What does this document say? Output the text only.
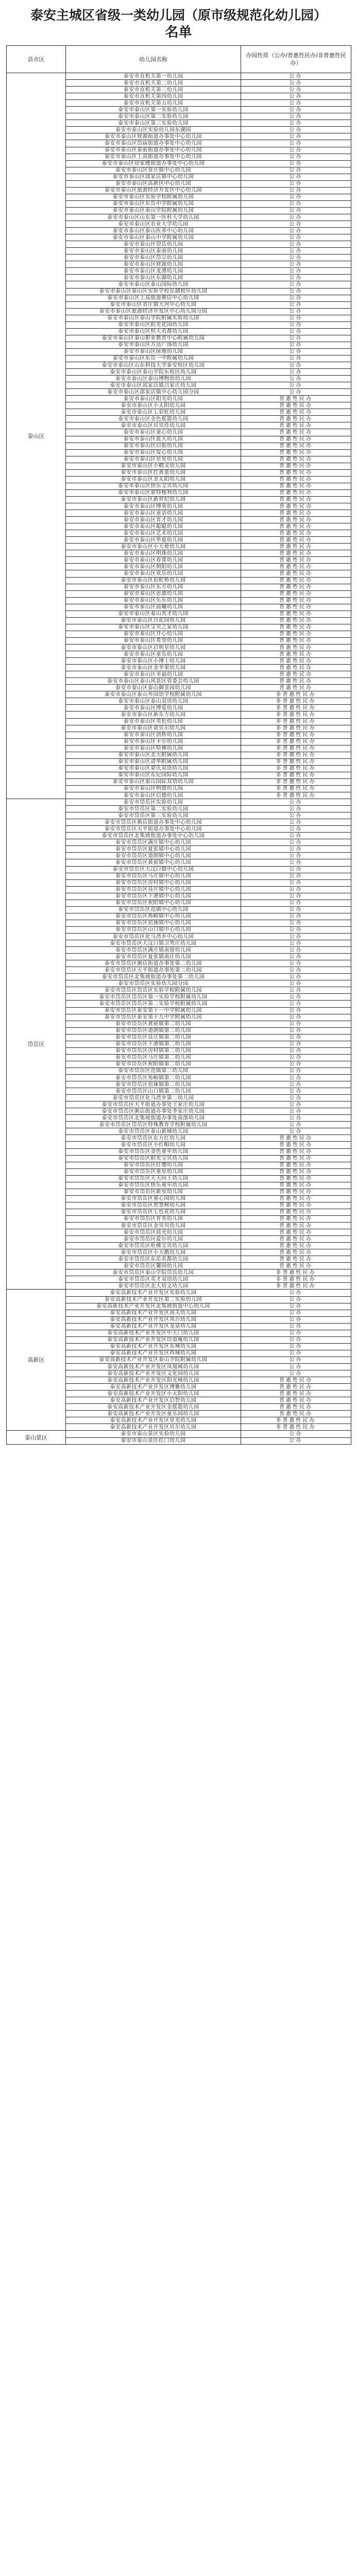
泰安主城区省级一类幼儿园（原市级规范化幼儿园）
名单
县市区	幼儿园名称	办园性质（公办/普惠性民办/非普惠性民办）
泰山区	泰安市直机关第一幼儿园	公办
	泰安市直机关第二幼儿园	公办
	泰安市直机关第三幼儿园	公办
	泰安市直机关第四幼儿园	公办
	泰安市直机关第五幼儿园	公办
	泰安市泰山区第一实验幼儿园	公办
	泰安市泰山区第二实验幼儿园	公办
	泰安市泰山区第三实验幼儿园	公办
	泰安市泰山区实验幼儿园东湖园	公办
	泰安市泰山区财源街道办事处中心幼儿园	公办
	泰安市泰山区岱庙街道办事处中心幼儿园	公办
	泰安市泰山区泰前街道办事处中心幼儿园	公办
	泰安市泰山区上高街道办事处中心幼儿园	公办
	泰安市泰山区徐家楼街道办事处中心幼儿园	公办
	泰安市泰山区省庄镇中心幼儿园	公办
	泰安市泰山区邱家店镇中心幼儿园	公办
	泰安市泰山区高新区中心幼儿园	公办
	泰安市泰山区旅游经济开发区中心幼儿园	公办
	泰安市泰山区实验学校附属幼儿园	公办
	泰安市泰山区东岳中学附属幼儿园	公办
	泰安市泰山区泰山学院附属幼儿园	公办
	泰安市泰山区山东第一医科大学幼儿园	公办
	泰安市泰山区农业大学幼儿园	公办
	泰安市泰山区泰山医养中心幼儿园	公办
	泰安市泰山区泰山中学附属幼儿园	公办
	泰安市泰山区望岳幼儿园	公办
	泰安市泰山区泰前幼儿园	公办
	泰安市泰山区岱宗幼儿园	公办
	泰安市泰山区财源幼儿园	公办
	泰安市泰山区龙潭幼儿园	公办
	泰安市泰山区东湖幼儿园	公办
	泰安市泰山区泰山国际幼儿园	公办
	泰安市泰山区泰山区实验学校东湖校区幼儿园	公办
	泰安市泰山区上高街道粥店中心幼儿园	公办
	泰安市泰山区省庄镇大河中心幼儿园	公办
	泰安市泰山区旅游经济开发区中心幼儿园分园	公办
	泰安市泰山区泰山学院附属实验幼儿园	公办
	泰安市泰山区阳光花园幼儿园	公办
	泰安市泰山区恒大名都幼儿园	公办
	泰安市泰山区泰山职业教育中心附属幼儿园	公办
	泰安市泰山区万达广场幼儿园	公办
	泰安市泰山区绿地幼儿园	公办
	泰安市泰山区东岳一中附属幼儿园	公办
	泰安市泰山区山东科技大学泰安校区幼儿园	公办
	泰安市泰山区泰山学院东校区幼儿园	公办
	泰安市泰山区泰山博物馆幼儿园	公办
	泰安市泰山区邱家店镇吕家庄幼儿园	公办
	泰安市泰山区邱家店镇中心幼儿园分园	公办
	泰安市泰山区阳光幼儿园	普惠性民办
	泰安市泰山区小太阳幼儿园	普惠性民办
	泰安市泰山区七彩虹幼儿园	普惠性民办
	泰安市泰山区金色摇篮幼儿园	普惠性民办
	泰安市泰山区贝贝佳幼儿园	普惠性民办
	泰安市泰山区童心幼儿园	普惠性民办
	泰安市泰山区蓝天幼儿园	普惠性民办
	泰安市泰山区启航幼儿园	普惠性民办
	泰安市泰山区爱心幼儿园	普惠性民办
	泰安市泰山区星星幼儿园	普惠性民办
	泰安市泰山区小精灵幼儿园	普惠性民办
	泰安市泰山区红黄蓝幼儿园	普惠性民办
	泰安市泰山区金太阳幼儿园	普惠性民办
	泰安市泰山区快乐宝贝幼儿园	普惠性民办
	泰安市泰山区蒙特梭利幼儿园	普惠性民办
	泰安市泰山区新世纪幼儿园	普惠性民办
	泰安市泰山区博苑幼儿园	普惠性民办
	泰安市泰山区童话幼儿园	普惠性民办
	泰安市泰山区育才幼儿园	普惠性民办
	泰安市泰山区聪聪幼儿园	普惠性民办
	泰安市泰山区艺术幼儿园	普惠性民办
	泰安市泰山区华夏幼儿园	普惠性民办
	泰安市泰山区小天使幼儿园	普惠性民办
	泰安市泰山区明珠幼儿园	普惠性民办
	泰安市泰山区春蕾幼儿园	普惠性民办
	泰安市泰山区朝阳幼儿园	普惠性民办
	泰安市泰山区欢乐幼儿园	普惠性民办
	泰安市泰山区彩虹桥幼儿园	普惠性民办
	泰安市泰山区东方幼儿园	普惠性民办
	泰安市泰山区思源幼儿园	普惠性民办
	泰安市泰山区乐乐幼儿园	普惠性民办
	泰安市泰山区晨曦幼儿园	普惠性民办
	泰安市泰山区泰山英才幼儿园	普惠性民办
	泰安市泰山区百花园幼儿园	普惠性民办
	泰安市泰山区宝贝之家幼儿园	普惠性民办
	泰安市泰山区开心幼儿园	普惠性民办
	泰安市泰山区希望幼儿园	普惠性民办
	泰安市泰山区启明星幼儿园	普惠性民办
	泰安市泰山区童乐幼儿园	普惠性民办
	泰安市泰山区小博士幼儿园	普惠性民办
	泰安市泰山区金苹果幼儿园	普惠性民办
	泰安市泰山区幸福幼儿园	普惠性民办
	泰安市泰山区泰山风景区管委会幼儿园	普惠性民办
	泰安市泰山区泰山御景园幼儿园	普惠性民办
	泰安市泰山区泰山外国语学校附属幼儿园	非普惠性民办
	泰安市泰山区泰山双语幼儿园	非普惠性民办
	泰安市泰山区博爱幼儿园	非普惠性民办
	泰安市泰山区新东方幼儿园	非普惠性民办
	泰安市泰山区英伦幼儿园	非普惠性民办
	泰安市泰山区诺贝尔幼儿园	非普惠性民办
	泰安市泰山区剑桥幼儿园	非普惠性民办
	泰安市泰山区卡尔幼儿园	非普惠性民办
	泰安市泰山区哈佛幼儿园	非普惠性民办
	泰安市泰山区北大附属幼儿园	非普惠性民办
	泰安市泰山区清华附属幼儿园	非普惠性民办
	泰安市泰山区蒙氏双语幼儿园	非普惠性民办
	泰安市泰山区东尼国际幼儿园	非普惠性民办
	泰安市泰山区泰山国际双语幼儿园	非普惠性民办
	泰安市泰山区明德幼儿园	非普惠性民办
	泰安市泰山区启德幼儿园	非普惠性民办
岱岳区	泰安市岱岳区实验幼儿园	公办
	泰安市岱岳区第二实验幼儿园	公办
	泰安市岱岳区第三实验幼儿园	公办
	泰安市岱岳区粥店街道办事处中心幼儿园	公办
	泰安市岱岳区天平街道办事处中心幼儿园	公办
	泰安市岱岳区北集坡街道办事处中心幼儿园	公办
	泰安市岱岳区满庄镇中心幼儿园	公办
	泰安市岱岳区夏张镇中心幼儿园	公办
	泰安市岱岳区道朗镇中心幼儿园	公办
	泰安市岱岳区黄前镇中心幼儿园	公办
	泰安市岱岳区大汶口镇中心幼儿园	公办
	泰安市岱岳区马庄镇中心幼儿园	公办
	泰安市岱岳区房村镇中心幼儿园	公办
	泰安市岱岳区良庄镇中心幼儿园	公办
	泰安市岱岳区下港镇中心幼儿园	公办
	泰安市岱岳区祝阳镇中心幼儿园	公办
	泰安市岱岳区范镇中心幼儿园	公办
	泰安市岱岳区角峪镇中心幼儿园	公办
	泰安市岱岳区徂徕镇中心幼儿园	公办
	泰安市岱岳区山口镇中心幼儿园	公办
	泰安市岱岳区化马湾乡中心幼儿园	公办
	泰安市岱岳区大汶口镇卫驾庄幼儿园	公办
	泰安市岱岳区满庄镇南留幼儿园	公办
	泰安市岱岳区夏张镇南庄幼儿园	公办
	泰安市岱岳区粥店街道办事处第二幼儿园	公办
	泰安市岱岳区天平街道办事处第二幼儿园	公办
	泰安市岱岳区北集坡街道办事处第二幼儿园	公办
	泰安市岱岳区实验幼儿园分园	公办
	泰安市岱岳区岱岳区实验学校附属幼儿园	公办
	泰安市岱岳区岱岳区第一实验学校附属幼儿园	公办
	泰安市岱岳区岱岳区第二实验学校附属幼儿园	公办
	泰安市岱岳区泰安第十一中学附属幼儿园	公办
	泰安市岱岳区泰安第十九中学附属幼儿园	公办
	泰安市岱岳区黄前镇第二幼儿园	公办
	泰安市岱岳区道朗镇第二幼儿园	公办
	泰安市岱岳区良庄镇第二幼儿园	公办
	泰安市岱岳区下港镇第二幼儿园	公办
	泰安市岱岳区房村镇第二幼儿园	公办
	泰安市岱岳区马庄镇第二幼儿园	公办
	泰安市岱岳区祝阳镇第二幼儿园	公办
	泰安市岱岳区范镇第二幼儿园	公办
	泰安市岱岳区角峪镇第二幼儿园	公办
	泰安市岱岳区徂徕镇第二幼儿园	公办
	泰安市岱岳区山口镇第二幼儿园	公办
	泰安市岱岳区化马湾乡第二幼儿园	公办
	泰安市岱岳区天平街道办事处王家庄幼儿园	公办
	泰安市岱岳区粥店街道办事处李家庄幼儿园	公办
	泰安市岱岳区北集坡街道办事处南邵幼儿园	公办
	泰安市岱岳区岱岳区特殊教育学校附属幼儿园	公办
	泰安市岱岳区泰山新城幼儿园	公办
	泰安市岱岳区东方红幼儿园	普惠性民办
	泰安市岱岳区小红帽幼儿园	普惠性民办
	泰安市岱岳区金色童年幼儿园	普惠性民办
	泰安市岱岳区阳光宝贝幼儿园	普惠性民办
	泰安市岱岳区红缨幼儿园	普惠性民办
	泰安市岱岳区童星幼儿园	普惠性民办
	泰安市岱岳区天天向上幼儿园	普惠性民办
	泰安市岱岳区快乐童年幼儿园	普惠性民办
	泰安市岱岳区新星幼儿园	普惠性民办
	泰安市岱岳区童心园幼儿园	普惠性民办
	泰安市岱岳区智慧树幼儿园	普惠性民办
	泰安市岱岳区七色花幼儿园	普惠性民办
	泰安市岱岳区育英幼儿园	普惠性民办
	泰安市岱岳区金贝贝幼儿园	普惠性民办
	泰安市岱岳区晨光幼儿园	普惠性民办
	泰安市岱岳区爱尔幼儿园	普惠性民办
	泰安市岱岳区哈佛宝贝幼儿园	普惠性民办
	泰安市岱岳区小天鹅幼儿园	普惠性民办
	泰安市岱岳区东岳名都幼儿园	普惠性民办
	泰安市岱岳区馨园幼儿园	普惠性民办
	泰安市岱岳区泰山学院岱岳幼儿园	非普惠性民办
	泰安市岱岳区英才双语幼儿园	非普惠性民办
	泰安市岱岳区北大培文幼儿园	非普惠性民办
高新区	泰安高新技术产业开发区实验幼儿园	公办
	泰安高新技术产业开发区第二实验幼儿园	公办
	泰安高新技术产业开发区北集坡街道中心幼儿园	公办
	泰安高新技术产业开发区南关幼儿园	公办
	泰安高新技术产业开发区凤台幼儿园	公办
	泰安高新技术产业开发区龙泉幼儿园	公办
	泰安高新技术产业开发区中天门幼儿园	公办
	泰安高新技术产业开发区岱道庵幼儿园	公办
	泰安高新技术产业开发区东城幼儿园	公办
	泰安高新技术产业开发区西城幼儿园	公办
	泰安高新技术产业开发区泰山学院附属幼儿园	公办
	泰安高新技术产业开发区凤凰城幼儿园	公办
	泰安高新技术产业开发区文化园幼儿园	公办
	泰安高新技术产业开发区阳光城幼儿园	普惠性民办
	泰安高新技术产业开发区博雅幼儿园	普惠性民办
	泰安高新技术产业开发区小太阳幼儿园	普惠性民办
	泰安高新技术产业开发区启智幼儿园	普惠性民办
	泰安高新技术产业开发区金摇篮幼儿园	普惠性民办
	泰安高新技术产业开发区童乐园幼儿园	普惠性民办
	泰安高新技术产业开发区星光幼儿园	非普惠性民办
	泰安高新技术产业开发区贝尔幼儿园	非普惠性民办
泰山景区	泰安市泰山景区实验幼儿园	公办
	泰安市泰山景区红门幼儿园	公办
